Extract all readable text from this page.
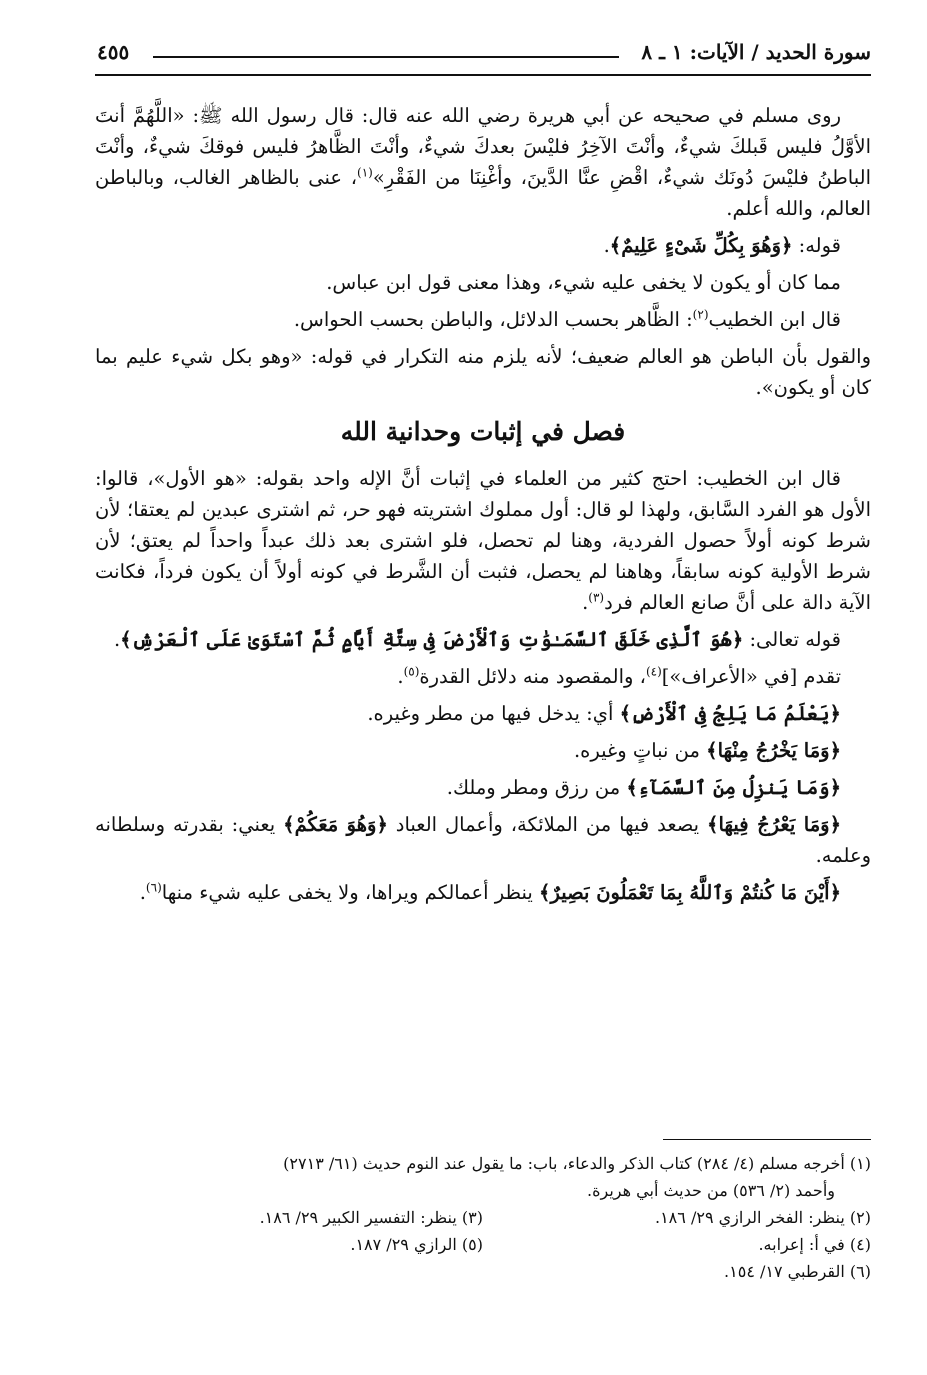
سورة الحديد / الآيات: ١ ـ ٨
٤٥٥

روى مسلم في صحيحه عن أبي هريرة رضي الله عنه قال: قال رسول الله ﷺ: «اللَّهُمَّ أنتَ الأوَّلُ فليس قَبلكَ شيءٌ، وأنْتَ الآخِرُ فليْسَ بعدكَ شيءٌ، وأنْتَ الظَّاهرُ فليس فوقكَ شيءٌ، وأنْتَ الباطنُ فليْسَ دُونَك شيءٌ، اقْضِ عنَّا الدَّينَ، وأغْنِنَا من الفَقْرِ»$^{(١)}$، عنى بالظاهر الغالب، وبالباطن العالم، والله أعلم.

قوله: ﴿وَهُوَ بِكُلِّ شَىْءٍ عَلِيمٌ﴾.

مما كان أو يكون لا يخفى عليه شيء، وهذا معنى قول ابن عباس.

قال ابن الخطيب$^{(٢)}$: الظَّاهر بحسب الدلائل، والباطن بحسب الحواس.

والقول بأن الباطن هو العالم ضعيف؛ لأنه يلزم منه التكرار في قوله: «وهو بكل شيء عليم بما كان أو يكون».

فصل في إثبات وحدانية الله

قال ابن الخطيب: احتج كثير من العلماء في إثبات أنَّ الإله واحد بقوله: «هو الأول»، قالوا: الأول هو الفرد السَّابق، ولهذا لو قال: أول مملوك اشتريته فهو حر، ثم اشترى عبدين لم يعتقا؛ لأن شرط كونه أولاً حصول الفردية، وهنا لم تحصل، فلو اشترى بعد ذلك عبداً واحداً لم يعتق؛ لأن شرط الأولية كونه سابقاً، وهاهنا لم يحصل، فثبت أن الشَّرط في كونه أولاً أن يكون فرداً، فكانت الآية دالة على أنَّ صانع العالم فرد$^{(٣)}$.

قوله تعالى: ﴿هُوَ ٱلَّذِى خَلَقَ ٱلسَّمَـٰوَٰتِ وَٱلْأَرْضَ فِى سِتَّةِ أَيَّامٍ ثُمَّ ٱسْتَوَىٰ عَلَى ٱلْعَرْشِ﴾.

تقدم [في «الأعراف»]$^{(٤)}$، والمقصود منه دلائل القدرة$^{(٥)}$.

﴿يَعْلَمُ مَا يَلِجُ فِى ٱلْأَرْضِ﴾ أي: يدخل فيها من مطر وغيره.

﴿وَمَا يَخْرُجُ مِنْهَا﴾ من نباتٍ وغيره.

﴿وَمَا يَنزِلُ مِنَ ٱلسَّمَآءِ﴾ من رزق ومطر وملك.

﴿وَمَا يَعْرُجُ فِيهَا﴾ يصعد فيها من الملائكة، وأعمال العباد ﴿وَهُوَ مَعَكُمْ﴾ يعني: بقدرته وسلطانه وعلمه.

﴿أَيْنَ مَا كُنتُمْ وَٱللَّهُ بِمَا تَعْمَلُونَ بَصِيرٌ﴾ ينظر أعمالكم ويراها، ولا يخفى عليه شيء منها$^{(٦)}$.

(١) أخرجه مسلم (٤/ ٢٨٤) كتاب الذكر والدعاء، باب: ما يقول عند النوم حديث (٦١/ ٢٧١٣)

وأحمد (٢/ ٥٣٦) من حديث أبي هريرة.

(٢) ينظر: الفخر الرازي ٢٩/ ١٨٦.

(٣) ينظر: التفسير الكبير ٢٩/ ١٨٦.

(٤) في أ: إعرابه.

(٥) الرازي ٢٩/ ١٨٧.

(٦) القرطبي ١٧/ ١٥٤.
